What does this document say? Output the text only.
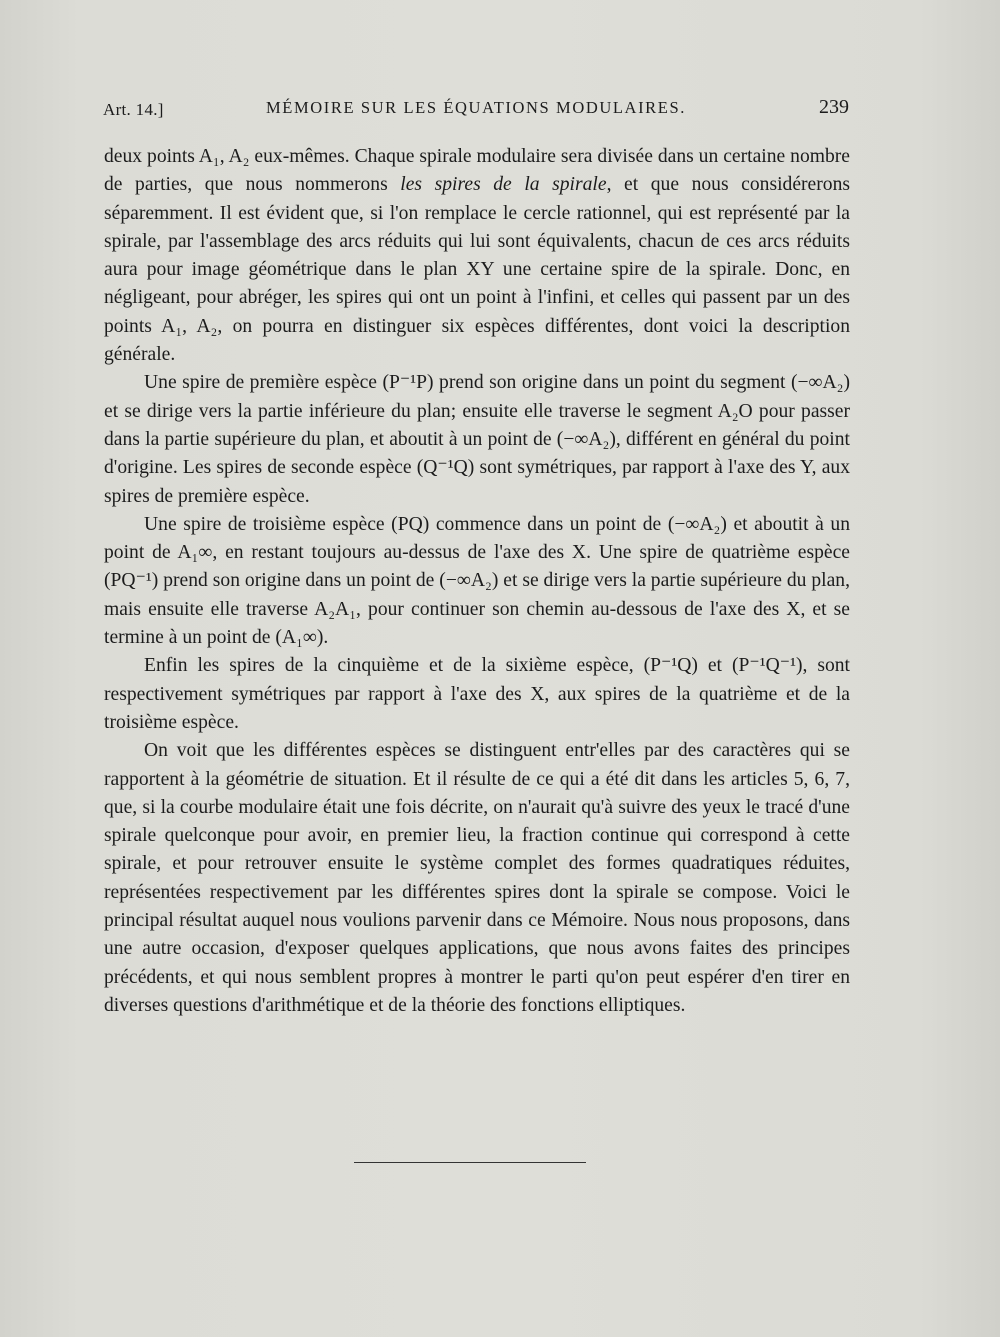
Art. 14.]	MÉMOIRE SUR LES ÉQUATIONS MODULAIRES.	239

deux points A₁, A₂ eux-mêmes. Chaque spirale modulaire sera divisée dans un certaine nombre de parties, que nous nommerons les spires de la spirale, et que nous considérerons séparemment. Il est évident que, si l'on remplace le cercle rationnel, qui est représenté par la spirale, par l'assemblage des arcs réduits qui lui sont équivalents, chacun de ces arcs réduits aura pour image géométrique dans le plan XY une certaine spire de la spirale. Donc, en négligeant, pour abréger, les spires qui ont un point à l'infini, et celles qui passent par un des points A₁, A₂, on pourra en distinguer six espèces différentes, dont voici la description générale.

Une spire de première espèce (P⁻¹P) prend son origine dans un point du segment (−∞A₂) et se dirige vers la partie inférieure du plan; ensuite elle traverse le segment A₂O pour passer dans la partie supérieure du plan, et aboutit à un point de (−∞A₂), différent en général du point d'origine. Les spires de seconde espèce (Q⁻¹Q) sont symétriques, par rapport à l'axe des Y, aux spires de première espèce.

Une spire de troisième espèce (PQ) commence dans un point de (−∞A₂) et aboutit à un point de A₁∞, en restant toujours au-dessus de l'axe des X. Une spire de quatrième espèce (PQ⁻¹) prend son origine dans un point de (−∞A₂) et se dirige vers la partie supérieure du plan, mais ensuite elle traverse A₂A₁, pour continuer son chemin au-dessous de l'axe des X, et se termine à un point de (A₁∞).

Enfin les spires de la cinquième et de la sixième espèce, (P⁻¹Q) et (P⁻¹Q⁻¹), sont respectivement symétriques par rapport à l'axe des X, aux spires de la quatrième et de la troisième espèce.

On voit que les différentes espèces se distinguent entr'elles par des caractères qui se rapportent à la géométrie de situation. Et il résulte de ce qui a été dit dans les articles 5, 6, 7, que, si la courbe modulaire était une fois décrite, on n'aurait qu'à suivre des yeux le tracé d'une spirale quelconque pour avoir, en premier lieu, la fraction continue qui correspond à cette spirale, et pour retrouver ensuite le système complet des formes quadratiques réduites, représentées respectivement par les différentes spires dont la spirale se compose. Voici le principal résultat auquel nous voulions parvenir dans ce Mémoire. Nous nous proposons, dans une autre occasion, d'exposer quelques applications, que nous avons faites des principes précédents, et qui nous semblent propres à montrer le parti qu'on peut espérer d'en tirer en diverses questions d'arithmétique et de la théorie des fonctions elliptiques.
